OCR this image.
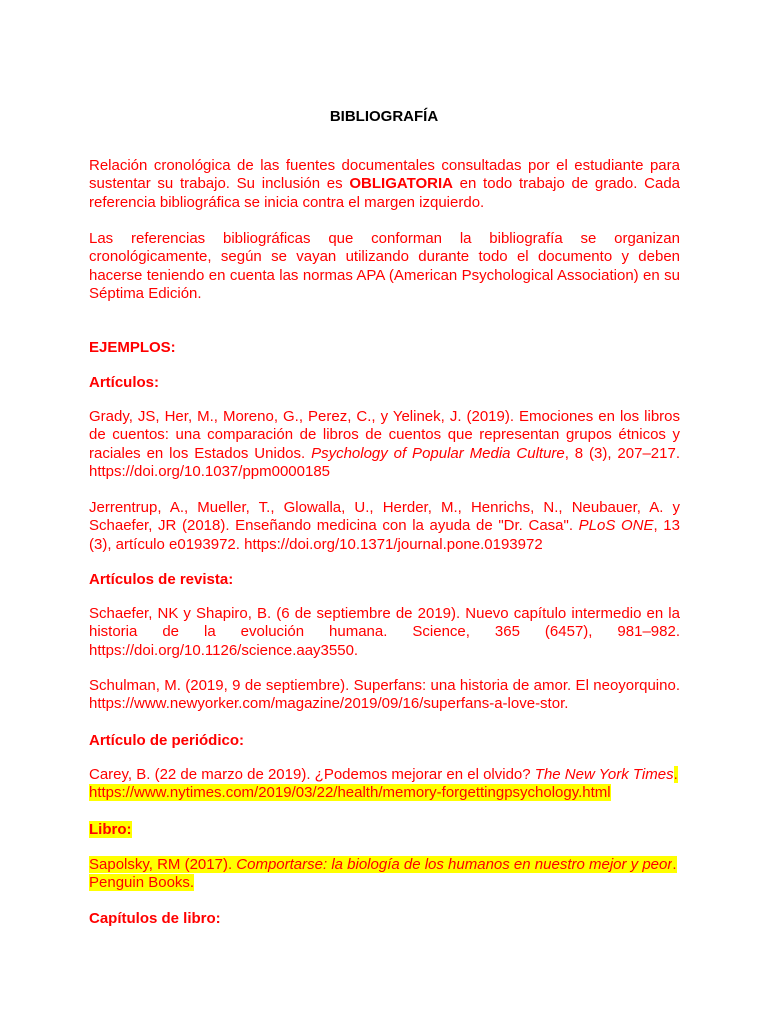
BIBLIOGRAFÍA
Relación cronológica de las fuentes documentales consultadas por el estudiante para sustentar su trabajo. Su inclusión es OBLIGATORIA en todo trabajo de grado. Cada referencia bibliográfica se inicia contra el margen izquierdo.
Las referencias bibliográficas que conforman la bibliografía se organizan cronológicamente, según se vayan utilizando durante todo el documento y deben hacerse teniendo en cuenta las normas APA (American Psychological Association) en su Séptima Edición.
EJEMPLOS:
Artículos:
Grady, JS, Her, M., Moreno, G., Perez, C., y Yelinek, J. (2019). Emociones en los libros de cuentos: una comparación de libros de cuentos que representan grupos étnicos y raciales en los Estados Unidos. Psychology of Popular Media Culture, 8 (3), 207–217. https://doi.org/10.1037/ppm0000185
Jerrentrup, A., Mueller, T., Glowalla, U., Herder, M., Henrichs, N., Neubauer, A. y Schaefer, JR (2018). Enseñando medicina con la ayuda de "Dr. Casa". PLoS ONE, 13 (3), artículo e0193972. https://doi.org/10.1371/journal.pone.0193972
Artículos de revista:
Schaefer, NK y Shapiro, B. (6 de septiembre de 2019). Nuevo capítulo intermedio en la historia de la evolución humana. Science, 365 (6457), 981–982. https://doi.org/10.1126/science.aay3550.
Schulman, M. (2019, 9 de septiembre). Superfans: una historia de amor. El neoyorquino. https://www.newyorker.com/magazine/2019/09/16/superfans-a-love-stor.
Artículo de periódico:
Carey, B. (22 de marzo de 2019). ¿Podemos mejorar en el olvido? The New York Times. https://www.nytimes.com/2019/03/22/health/memory-forgettingpsychology.html
Libro:
Sapolsky, RM (2017). Comportarse: la biología de los humanos en nuestro mejor y peor. Penguin Books.
Capítulos de libro:
